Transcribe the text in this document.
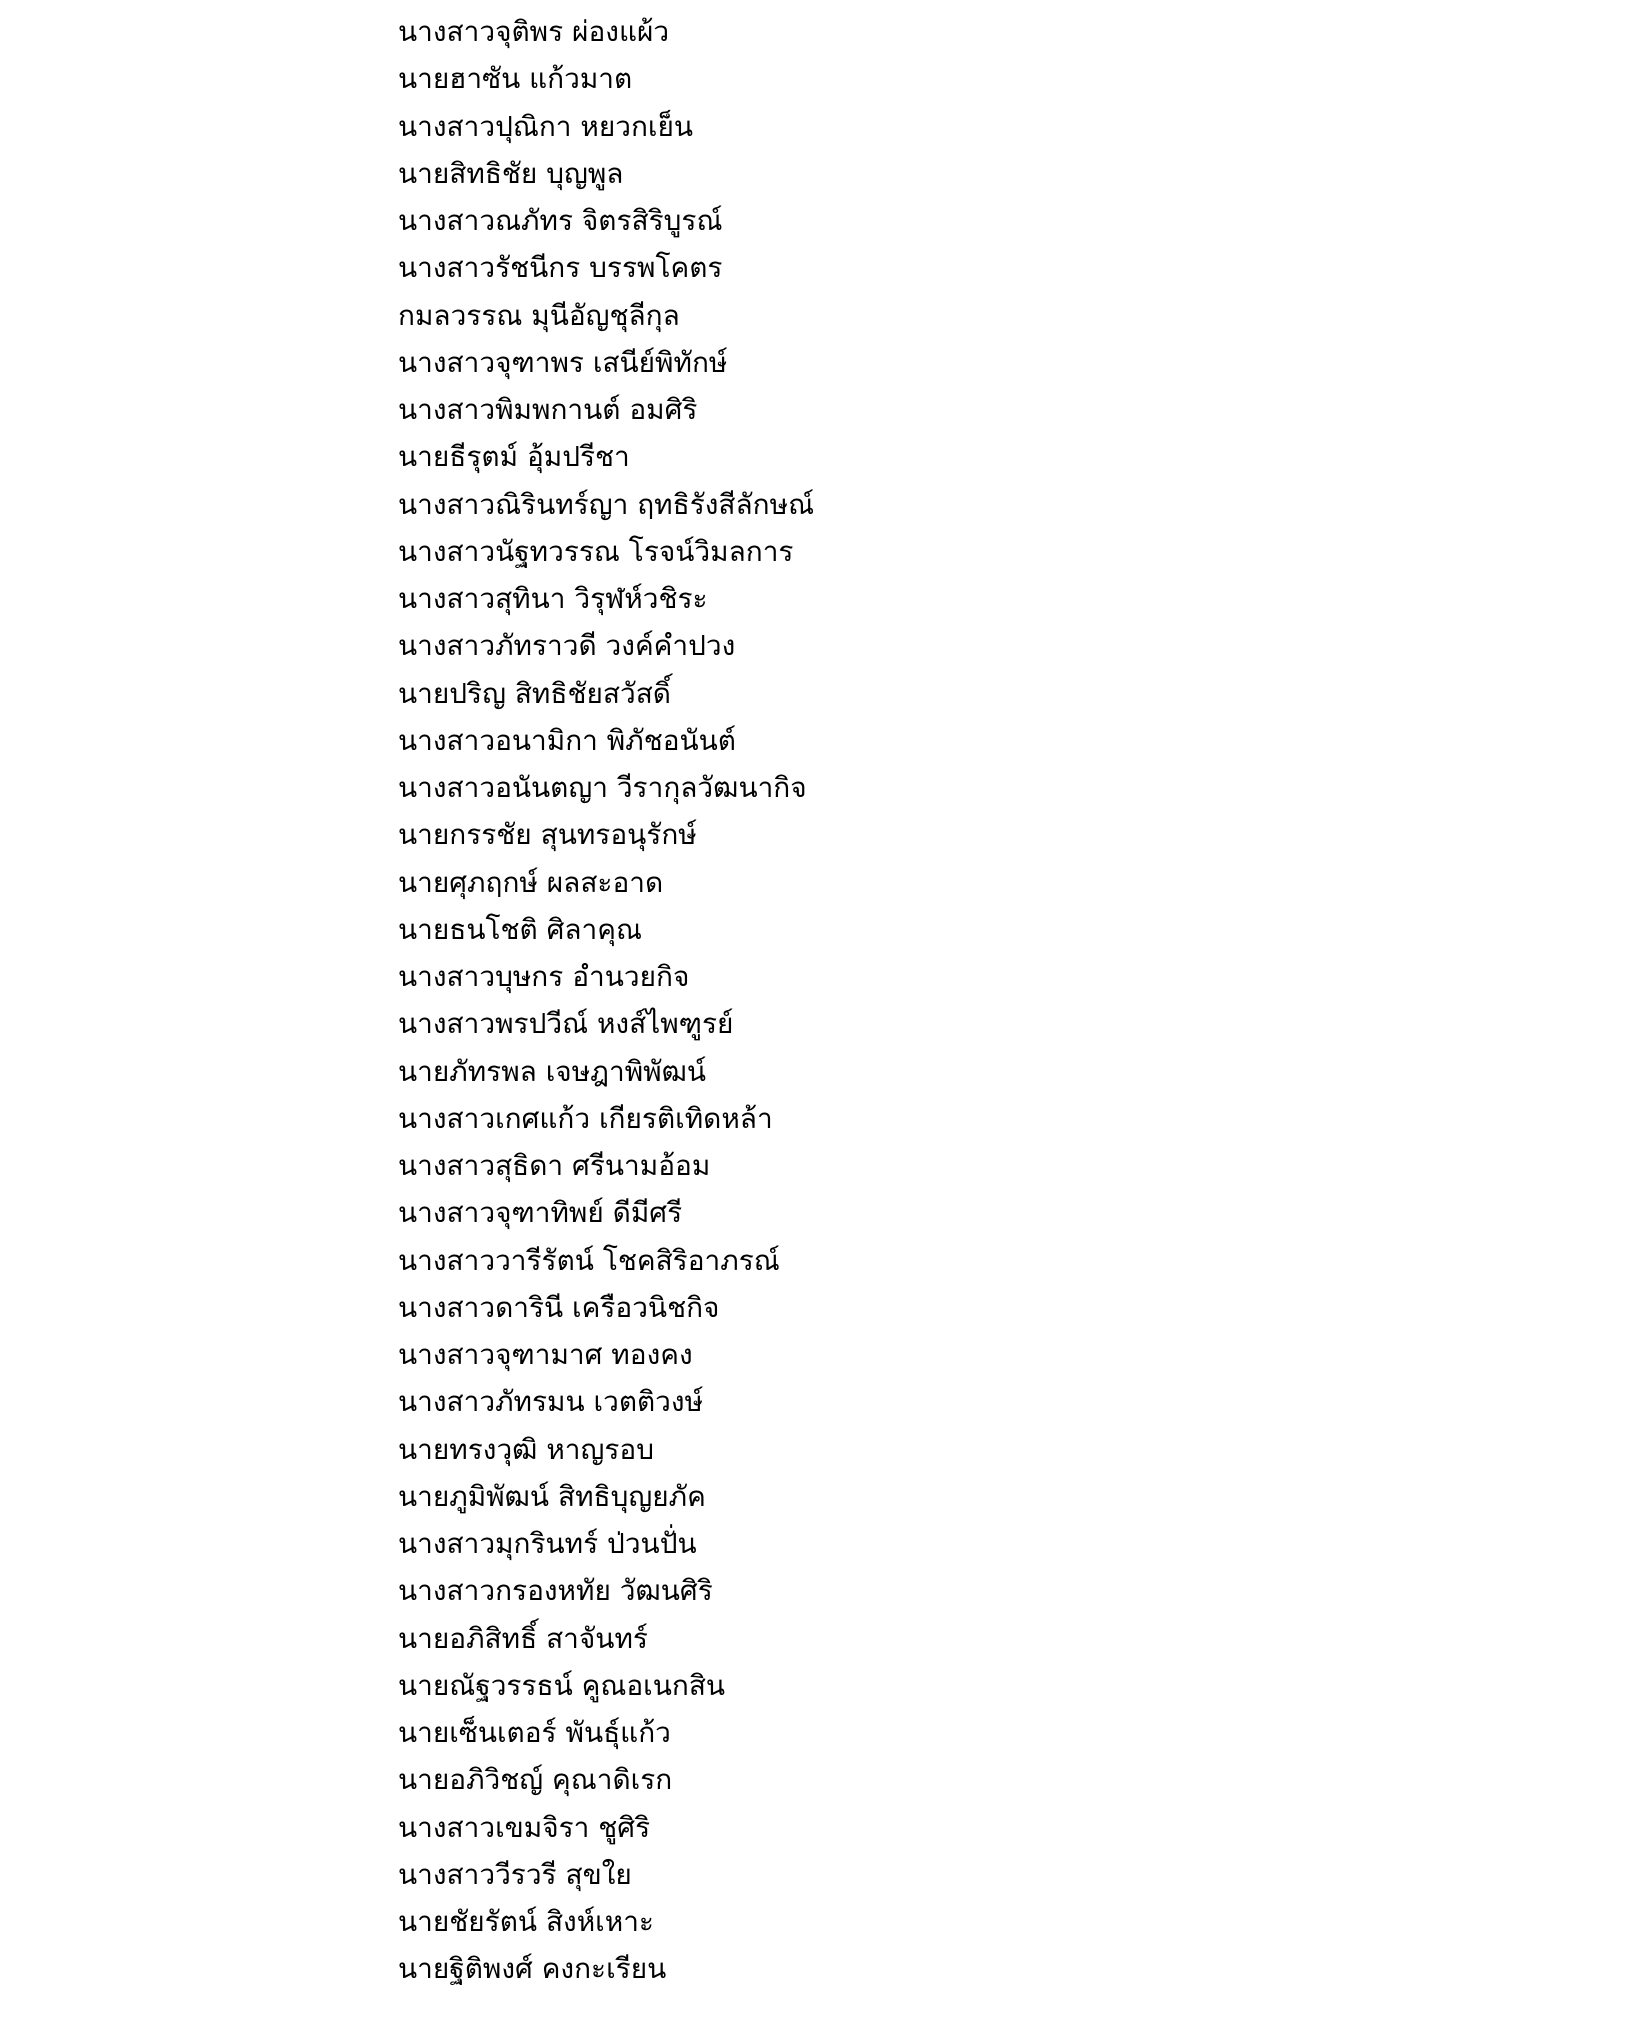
นางสาวจุติพร ผ่องแผ้ว
นายฮาซัน แก้วมาต
นางสาวปุณิกา หยวกเย็น
นายสิทธิชัย บุญพูล
นางสาวณภัทร จิตรสิริบูรณ์
นางสาวรัชนีกร บรรพโคตร
กมลวรรณ มุนีอัญชุลีกุล
นางสาวจุฑาพร เสนีย์พิทักษ์
นางสาวพิมพกานต์ อมศิริ
นายธีรุตม์ อุ้มปรีชา
นางสาวณิรินทร์ญา ฤทธิรังสีลักษณ์
นางสาวนัฐทวรรณ โรจน์วิมลการ
นางสาวสุทินา วิรุฬห์วชิระ
นางสาวภัทราวดี วงค์คำปวง
นายปริญ สิทธิชัยสวัสดิ์
นางสาวอนามิกา พิภัชอนันต์
นางสาวอนันตญา วีรากุลวัฒนากิจ
นายกรรชัย สุนทรอนุรักษ์
นายศุภฤกษ์ ผลสะอาด
นายธนโชติ ศิลาคุณ
นางสาวบุษกร อำนวยกิจ
นางสาวพรปวีณ์ หงส์ไพฑูรย์
นายภัทรพล เจษฎาพิพัฒน์
นางสาวเกศแก้ว เกียรติเทิดหล้า
นางสาวสุธิดา ศรีนามอ้อม
นางสาวจุฑาทิพย์ ดีมีศรี
นางสาววารีรัตน์ โชคสิริอาภรณ์
นางสาวดารินี เครือวนิชกิจ
นางสาวจุฑามาศ ทองคง
นางสาวภัทรมน เวตติวงษ์
นายทรงวุฒิ หาญรอบ
นายภูมิพัฒน์ สิทธิบุญยภัค
นางสาวมุกรินทร์ ป่วนปั่น
นางสาวกรองหทัย วัฒนศิริ
นายอภิสิทธิ์ สาจันทร์
นายณัฐวรรธน์ คูณอเนกสิน
นายเซ็นเตอร์ พันธุ์แก้ว
นายอภิวิชญ์ คุณาดิเรก
นางสาวเขมจิรา ชูศิริ
นางสาววีรวรี สุขใย
นายชัยรัตน์ สิงห์เหาะ
นายฐิติพงศ์ คงกะเรียน
